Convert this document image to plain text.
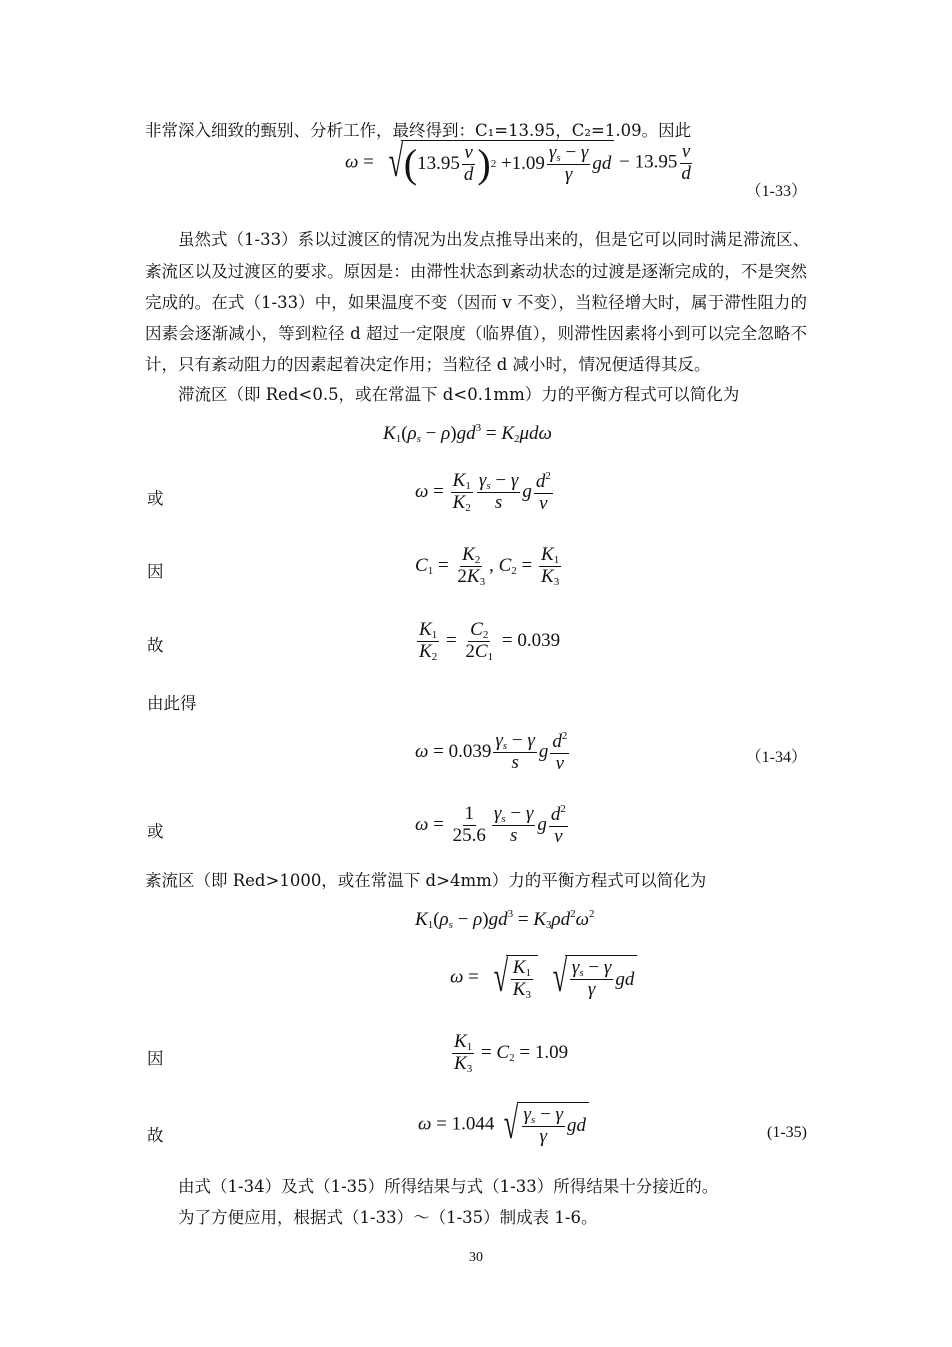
非常深入细致的甄别、分析工作，最终得到：C₁=13.95，C₂=1.09。因此
ω = √ ( $13.95 \frac{v}{d}$ ) $2 + 1.09 \frac{\gamma_s - \gamma}{\gamma}$ gd − $13.95 \frac{v}{d}$
（1-33）
虽然式（1-33）系以过渡区的情况为出发点推导出来的，但是它可以同时满足滞流区、
紊流区以及过渡区的要求。原因是：由滞性状态到紊动状态的过渡是逐渐完成的，不是突然
完成的。在式（1-33）中，如果温度不变（因而 v 不变），当粒径增大时，属于滞性阻力的
因素会逐渐减小，等到粒径 d 超过一定限度（临界值），则滞性因素将小到可以完全忽略不
计，只有紊动阻力的因素起着决定作用；当粒径 d 减小时，情况便适得其反。
滞流区（即 Red<0.5，或在常温下 d<0.1mm）力的平衡方程式可以简化为
$K_1(\rho_s - \rho)gd^3 = K_2\mu d\omega$
或	$\omega = \frac{K_1}{K_2} \frac{\gamma_s - \gamma}{s}$ g $\frac{d^2}{v}$
因	$C_1 = \frac{K_2}{2K_3}$ , $C_2 = \frac{K_1}{K_3}$
故	$\frac{K_1}{K_2} = \frac{C_2}{2C_1} = 0.039$
由此得
$\omega = 0.039 \frac{\gamma_s - \gamma}{s}$ g $\frac{d^2}{v}$	（1-34）
或	$\omega = \frac{1}{25.6} \frac{\gamma_s - \gamma}{s}$ g $\frac{d^2}{v}$
紊流区（即 Red>1000，或在常温下 d>4mm）力的平衡方程式可以简化为
$K_1(\rho_s - \rho)gd^3 = K_3\rho d^2\omega^2$
ω = √ $\frac{K_1}{K_3}$
√ $\frac{\gamma_s - \gamma}{\gamma}$ gd
因	$\frac{K_1}{K_3} = C_2 = 1.09$
故
ω = 1.044 √ $\frac{\gamma_s - \gamma}{\gamma}$ gd	(1-35)
由式（1-34）及式（1-35）所得结果与式（1-33）所得结果十分接近的。
为了方便应用，根据式（1-33）～（1-35）制成表 1-6。
30
